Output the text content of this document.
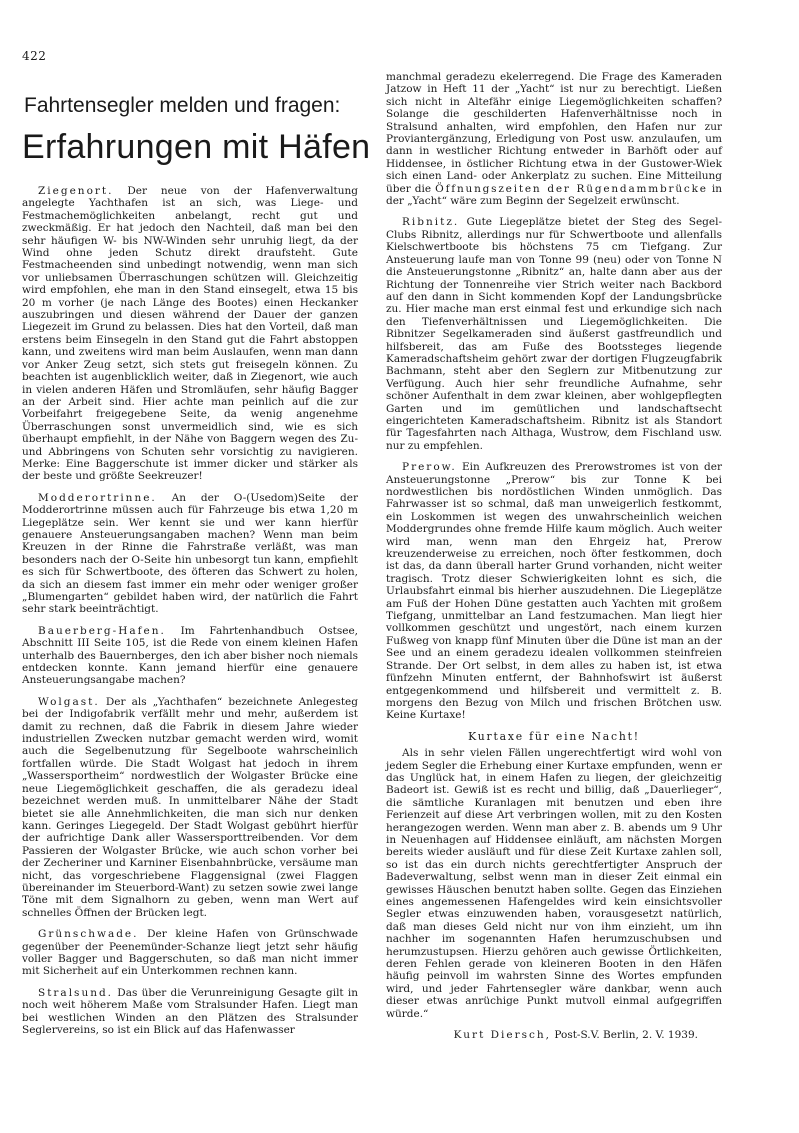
422
Fahrtensegler melden und fragen:
Erfahrungen mit Häfen

Ziegenort. Der neue von der Hafenverwaltung angelegte Yachthafen ist an sich, was Liege- und Festmachemöglichkeiten anbelangt, recht gut und zweckmäßig. Er hat jedoch den Nachteil, daß man bei den sehr häufigen W- bis NW-Winden sehr unruhig liegt, da der Wind ohne jeden Schutz direkt draufsteht. Gute Festmacheenden sind unbedingt notwendig, wenn man sich vor unliebsamen Überraschungen schützen will. Gleichzeitig wird empfohlen, ehe man in den Stand einsegelt, etwa 15 bis 20 m vorher (je nach Länge des Bootes) einen Heckanker auszubringen und diesen während der Dauer der ganzen Liegezeit im Grund zu belassen. Dies hat den Vorteil, daß man erstens beim Einsegeln in den Stand gut die Fahrt abstoppen kann, und zweitens wird man beim Auslaufen, wenn man dann vor Anker Zeug setzt, sich stets gut freisegeln können. Zu beachten ist augenblicklich weiter, daß in Ziegenort, wie auch in vielen anderen Häfen und Stromläufen, sehr häufig Bagger an der Arbeit sind. Hier achte man peinlich auf die zur Vorbeifahrt freigegebene Seite, da wenig angenehme Überraschungen sonst unvermeidlich sind, wie es sich überhaupt empfiehlt, in der Nähe von Baggern wegen des Zu- und Abbringens von Schuten sehr vorsichtig zu navigieren. Merke: Eine Baggerschute ist immer dicker und stärker als der beste und größte Seekreuzer!

Modderortrinne. An der O-(Usedom)Seite der Modderortrinne müssen auch für Fahrzeuge bis etwa 1,20 m Liegeplätze sein. Wer kennt sie und wer kann hierfür genauere Ansteuerungsangaben machen? Wenn man beim Kreuzen in der Rinne die Fahrstraße verläßt, was man besonders nach der O-Seite hin unbesorgt tun kann, empfiehlt es sich für Schwertboote, des öfteren das Schwert zu holen, da sich an diesem fast immer ein mehr oder weniger großer „Blumengarten“ gebildet haben wird, der natürlich die Fahrt sehr stark beeinträchtigt.

Bauerberg-Hafen. Im Fahrtenhandbuch Ostsee, Abschnitt III Seite 105, ist die Rede von einem kleinen Hafen unterhalb des Bauernberges, den ich aber bisher noch niemals entdecken konnte. Kann jemand hierfür eine genauere Ansteuerungsangabe machen?

Wolgast. Der als „Yachthafen“ bezeichnete Anlegesteg bei der Indigofabrik verfällt mehr und mehr, außerdem ist damit zu rechnen, daß die Fabrik in diesem Jahre wieder industriellen Zwecken nutzbar gemacht werden wird, womit auch die Segelbenutzung für Segelboote wahrscheinlich fortfallen würde. Die Stadt Wolgast hat jedoch in ihrem „Wassersportheim“ nordwestlich der Wolgaster Brücke eine neue Liegemöglichkeit geschaffen, die als geradezu ideal bezeichnet werden muß. In unmittelbarer Nähe der Stadt bietet sie alle Annehmlichkeiten, die man sich nur denken kann. Geringes Liegegeld. Der Stadt Wolgast gebührt hierfür der aufrichtige Dank aller Wassersporttreibenden. Vor dem Passieren der Wolgaster Brücke, wie auch schon vorher bei der Zecheriner und Karniner Eisenbahnbrücke, versäume man nicht, das vorgeschriebene Flaggensignal (zwei Flaggen übereinander im Steuerbord-Want) zu setzen sowie zwei lange Töne mit dem Signalhorn zu geben, wenn man Wert auf schnelles Öffnen der Brücken legt.

Grünschwade. Der kleine Hafen von Grünschwade gegenüber der Peenemünder-Schanze liegt jetzt sehr häufig voller Bagger und Baggerschuten, so daß man nicht immer mit Sicherheit auf ein Unterkommen rechnen kann.

Stralsund. Das über die Verunreinigung Gesagte gilt in noch weit höherem Maße vom Stralsunder Hafen. Liegt man bei westlichen Winden an den Plätzen des Stralsunder Seglervereins, so ist ein Blick auf das Hafenwasser

manchmal geradezu ekelerregend. Die Frage des Kameraden Jatzow in Heft 11 der „Yacht“ ist nur zu berechtigt. Ließen sich nicht in Altefähr einige Liegemöglichkeiten schaffen? Solange die geschilderten Hafenverhältnisse noch in Stralsund anhalten, wird empfohlen, den Hafen nur zur Proviantergänzung, Erledigung von Post usw. anzulaufen, um dann in westlicher Richtung entweder in Barhöft oder auf Hiddensee, in östlicher Richtung etwa in der Gustower-Wiek sich einen Land- oder Ankerplatz zu suchen. Eine Mitteilung über die Öffnungszeiten der Rügendammbrücke in der „Yacht“ wäre zum Beginn der Segelzeit erwünscht.

Ribnitz. Gute Liegeplätze bietet der Steg des Segel-Clubs Ribnitz, allerdings nur für Schwertboote und allenfalls Kielschwertboote bis höchstens 75 cm Tiefgang. Zur Ansteuerung laufe man von Tonne 99 (neu) oder von Tonne N die Ansteuerungstonne „Ribnitz“ an, halte dann aber aus der Richtung der Tonnenreihe vier Strich weiter nach Backbord auf den dann in Sicht kommenden Kopf der Landungsbrücke zu. Hier mache man erst einmal fest und erkundige sich nach den Tiefenverhältnissen und Liegemöglichkeiten. Die Ribnitzer Segelkameraden sind äußerst gastfreundlich und hilfsbereit, das am Fuße des Bootssteges liegende Kameradschaftsheim gehört zwar der dortigen Flugzeugfabrik Bachmann, steht aber den Seglern zur Mitbenutzung zur Verfügung. Auch hier sehr freundliche Aufnahme, sehr schöner Aufenthalt in dem zwar kleinen, aber wohlgepflegten Garten und im gemütlichen und landschaftsecht eingerichteten Kameradschaftsheim. Ribnitz ist als Standort für Tagesfahrten nach Althaga, Wustrow, dem Fischland usw. nur zu empfehlen.

Prerow. Ein Aufkreuzen des Prerowstromes ist von der Ansteuerungstonne „Prerow“ bis zur Tonne K bei nordwestlichen bis nordöstlichen Winden unmöglich. Das Fahrwasser ist so schmal, daß man unweigerlich festkommt, ein Loskommen ist wegen des unwahrscheinlich weichen Moddergrundes ohne fremde Hilfe kaum möglich. Auch weiter wird man, wenn man den Ehrgeiz hat, Prerow kreuzenderweise zu erreichen, noch öfter festkommen, doch ist das, da dann überall harter Grund vorhanden, nicht weiter tragisch. Trotz dieser Schwierigkeiten lohnt es sich, die Urlaubsfahrt einmal bis hierher auszudehnen. Die Liegeplätze am Fuß der Hohen Düne gestatten auch Yachten mit großem Tiefgang, unmittelbar an Land festzumachen. Man liegt hier vollkommen geschützt und ungestört, nach einem kurzen Fußweg von knapp fünf Minuten über die Düne ist man an der See und an einem geradezu idealen vollkommen steinfreien Strande. Der Ort selbst, in dem alles zu haben ist, ist etwa fünfzehn Minuten entfernt, der Bahnhofswirt ist äußerst entgegenkommend und hilfsbereit und vermittelt z. B. morgens den Bezug von Milch und frischen Brötchen usw. Keine Kurtaxe!

Kurtaxe für eine Nacht!

Als in sehr vielen Fällen ungerechtfertigt wird wohl von jedem Segler die Erhebung einer Kurtaxe empfunden, wenn er das Unglück hat, in einem Hafen zu liegen, der gleichzeitig Badeort ist. Gewiß ist es recht und billig, daß „Dauerlieger“, die sämtliche Kuranlagen mit benutzen und eben ihre Ferienzeit auf diese Art verbringen wollen, mit zu den Kosten herangezogen werden. Wenn man aber z. B. abends um 9 Uhr in Neuenhagen auf Hiddensee einläuft, am nächsten Morgen bereits wieder ausläuft und für diese Zeit Kurtaxe zahlen soll, so ist das ein durch nichts gerechtfertigter Anspruch der Badeverwaltung, selbst wenn man in dieser Zeit einmal ein gewisses Häuschen benutzt haben sollte. Gegen das Einziehen eines angemessenen Hafengeldes wird kein einsichtsvoller Segler etwas einzuwenden haben, vorausgesetzt natürlich, daß man dieses Geld nicht nur von ihm einzieht, um ihn nachher im sogenannten Hafen herumzuschubsen und herumzustupsen. Hierzu gehören auch gewisse Örtlichkeiten, deren Fehlen gerade von kleineren Booten in den Häfen häufig peinvoll im wahrsten Sinne des Wortes empfunden wird, und jeder Fahrtensegler wäre dankbar, wenn auch dieser etwas anrüchige Punkt mutvoll einmal aufgegriffen würde.“

Kurt Diersch, Post-S.V. Berlin, 2. V. 1939.
